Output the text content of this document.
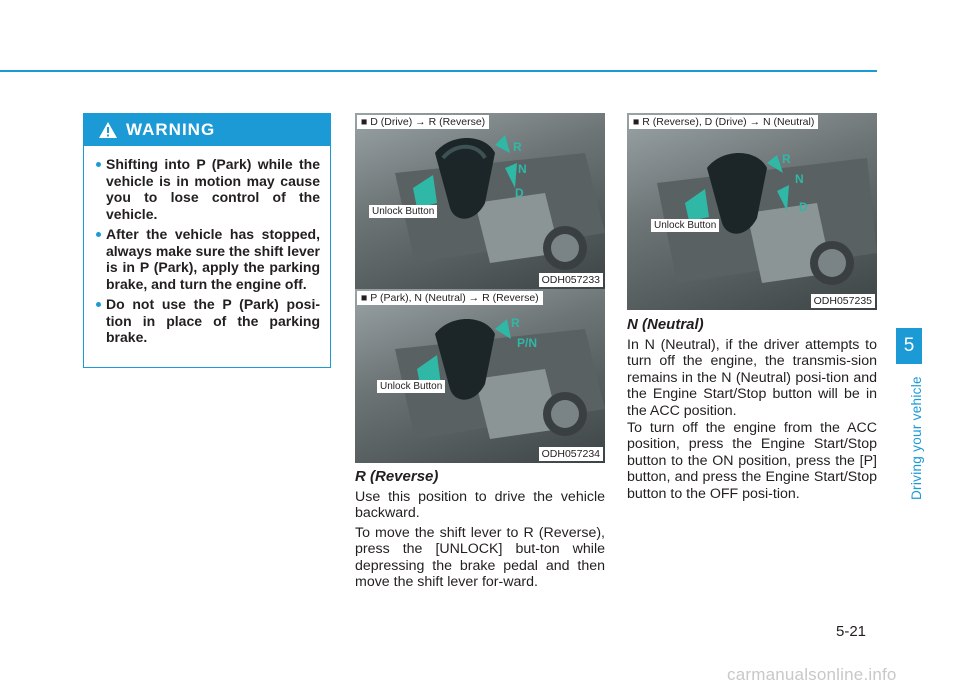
WARNING
Shifting into P (Park) while the vehicle is in motion may cause you to lose control of the vehicle.
After the vehicle has stopped, always make sure the shift lever is in P (Park), apply the parking brake, and turn the engine off.
Do not use the P (Park) posi-tion in place of the parking brake.
R
N
D
■ D (Drive) → R (Reverse)
Unlock Button
ODH057233
R
P/N
■ P (Park), N (Neutral) → R (Reverse)
Unlock Button
ODH057234
R
N
D
■ R (Reverse), D (Drive) → N (Neutral)
Unlock Button
ODH057235
R (Reverse)

Use this position to drive the vehicle backward.

To move the shift lever to R (Reverse), press the [UNLOCK] but-ton while depressing the brake pedal and then move the shift lever for-ward.

N (Neutral)

In N (Neutral), if the driver attempts to turn off the engine, the transmis-sion remains in the N (Neutral) posi-tion and the Engine Start/Stop button will be in the ACC position.

To turn off the engine from the ACC position, press the Engine Start/Stop button to the ON position, press the [P] button, and press the Engine Start/Stop button to the OFF posi-tion.

5
Driving your vehicle
5-21
carmanualsonline.info
